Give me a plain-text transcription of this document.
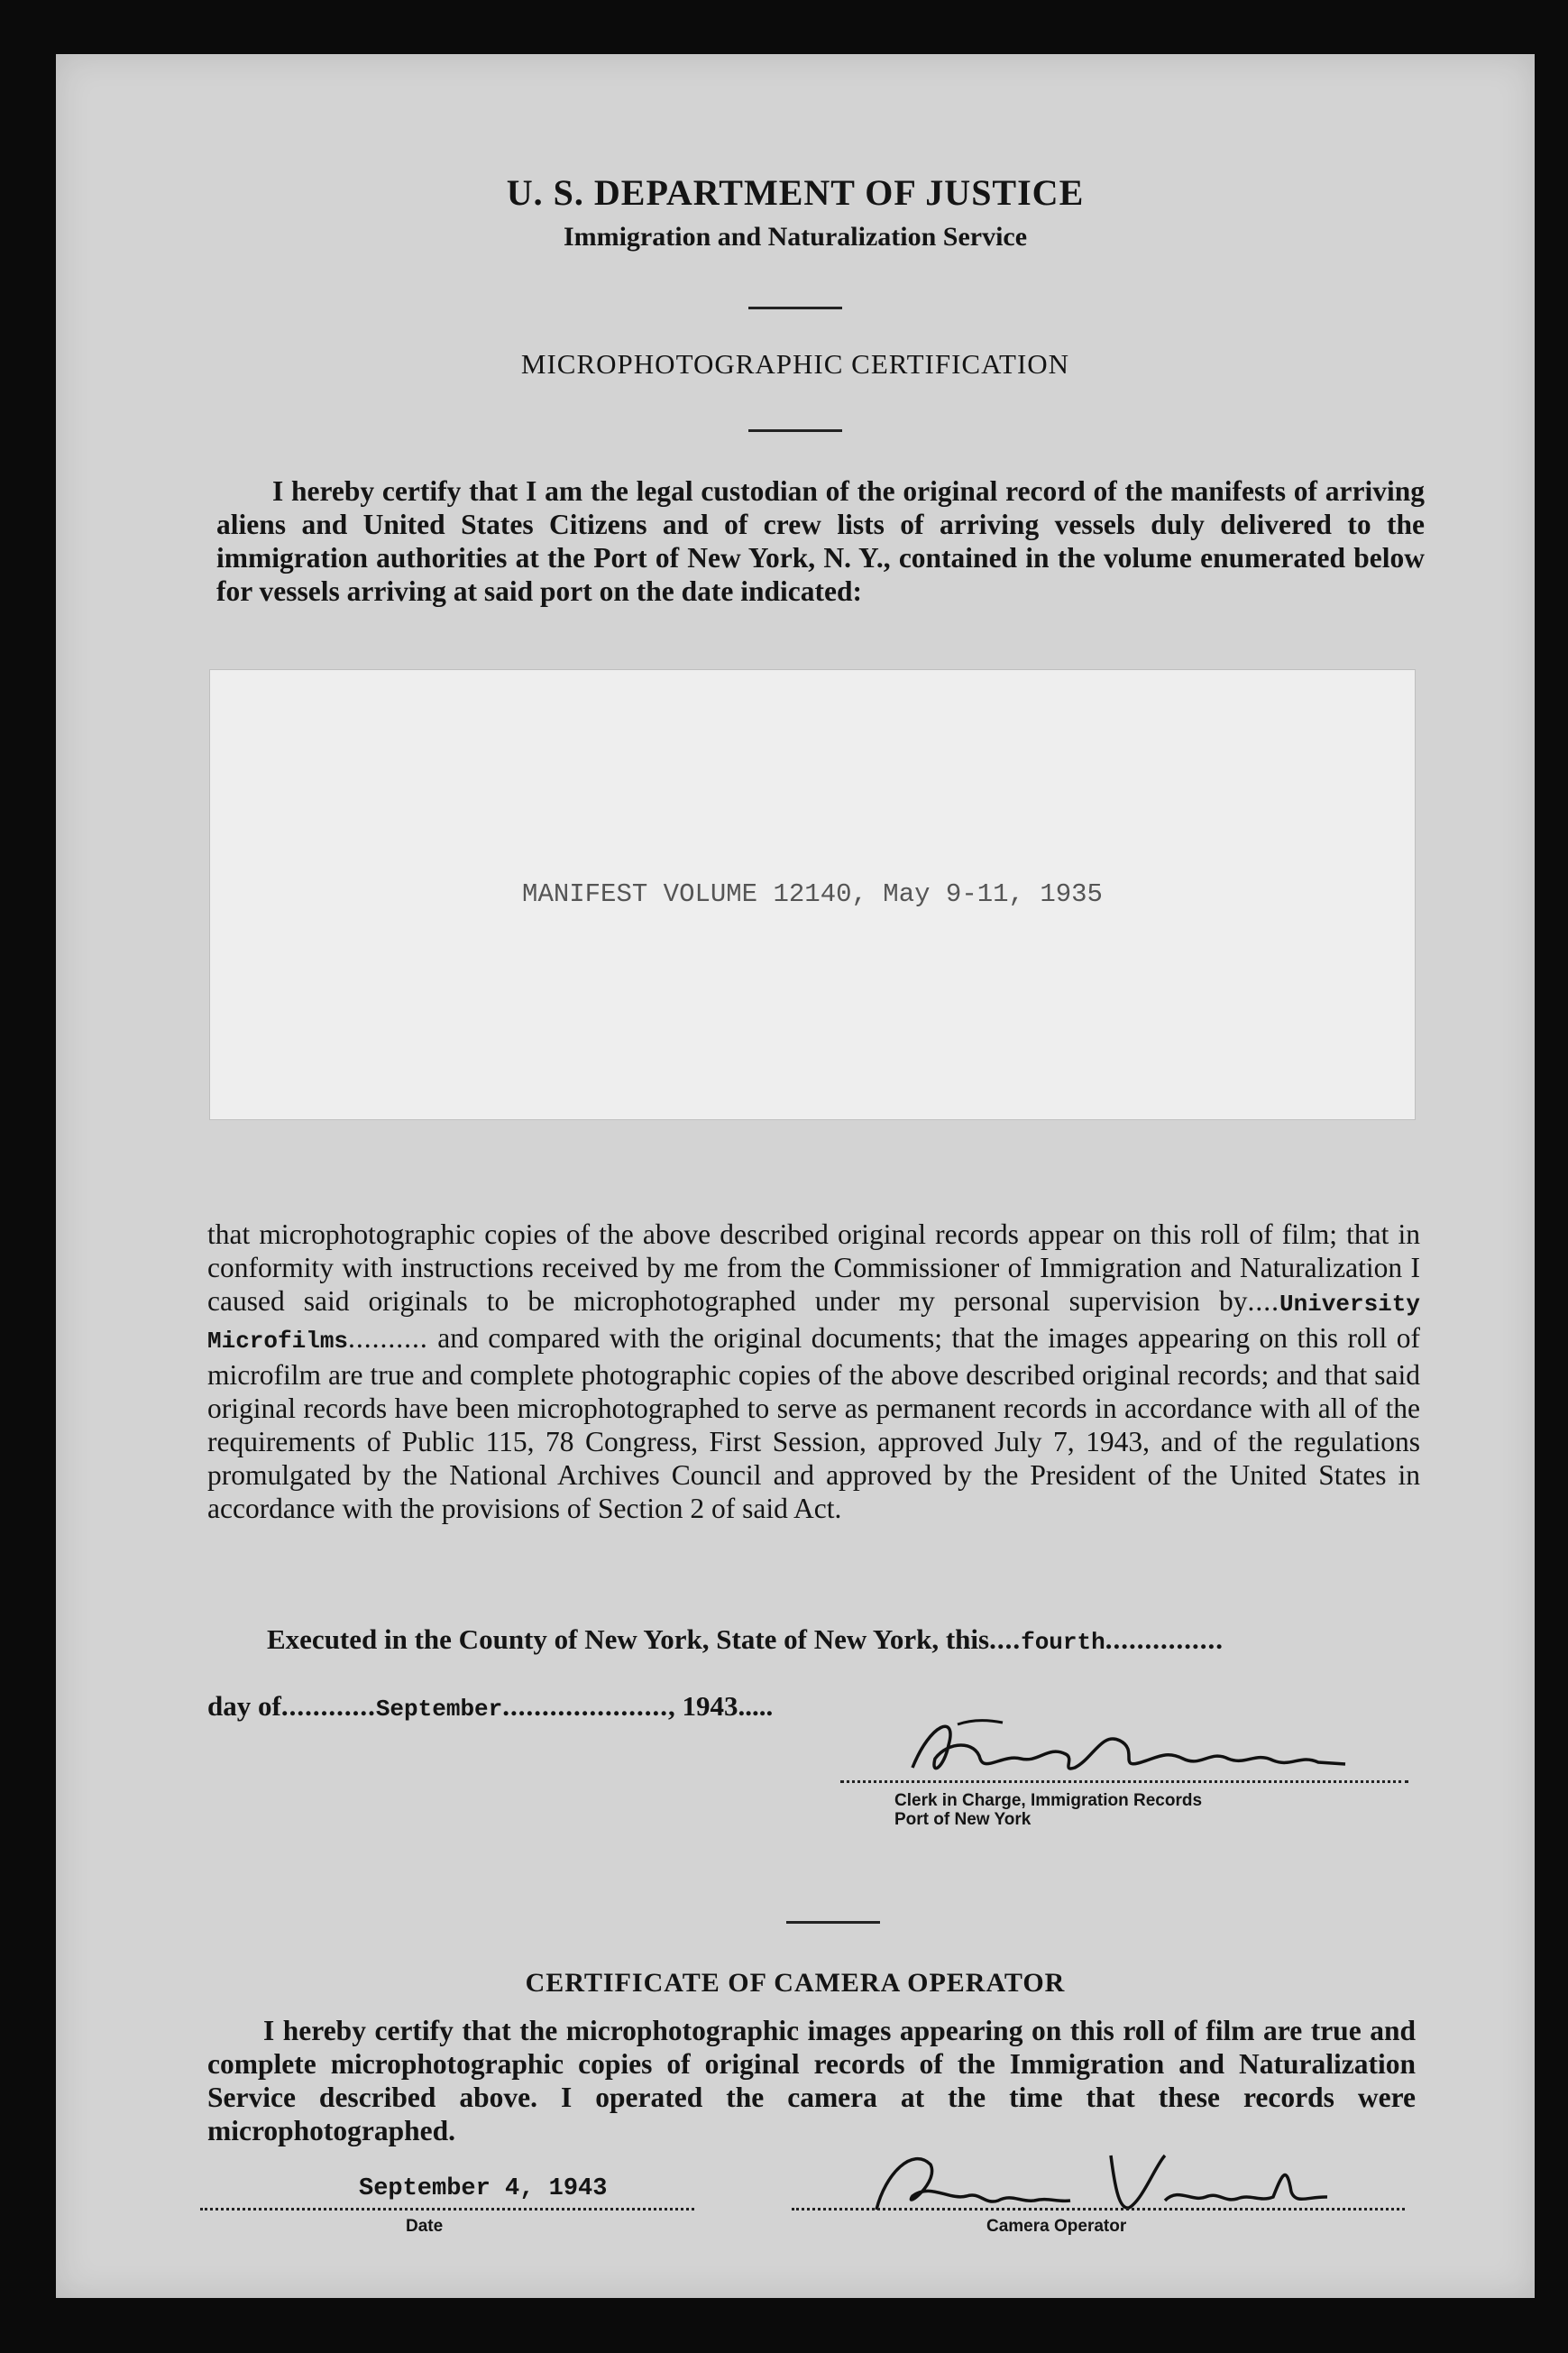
U. S. DEPARTMENT OF JUSTICE
Immigration and Naturalization Service
MICROPHOTOGRAPHIC CERTIFICATION

I hereby certify that I am the legal custodian of the original record of the manifests of arriving aliens and United States Citizens and of crew lists of arriving vessels duly delivered to the immigration authorities at the Port of New York, N. Y., contained in the volume enumerated below for vessels arriving at said port on the date indicated:

MANIFEST VOLUME 12140, May 9-11, 1935

that microphotographic copies of the above described original records appear on this roll of film; that in conformity with instructions received by me from the Commissioner of Immigration and Naturalization I caused said originals to be microphotographed under my personal supervision by....University Microfilms.......... and compared with the original documents; that the images appearing on this roll of microfilm are true and complete photographic copies of the above described original records; and that said original records have been microphotographed to serve as permanent records in accordance with all of the requirements of Public 115, 78 Congress, First Session, approved July 7, 1943, and of the regulations promulgated by the National Archives Council and approved by the President of the United States in accordance with the provisions of Section 2 of said Act.

Executed in the County of New York, State of New York, this....fourth...............
day of............September....................., 1943.....
Clerk in Charge, Immigration Records
Port of New York
CERTIFICATE OF CAMERA OPERATOR

I hereby certify that the microphotographic images appearing on this roll of film are true and complete microphotographic copies of original records of the Immigration and Naturalization Service described above. I operated the camera at the time that these records were microphotographed.

September 4, 1943
Date	Camera Operator
